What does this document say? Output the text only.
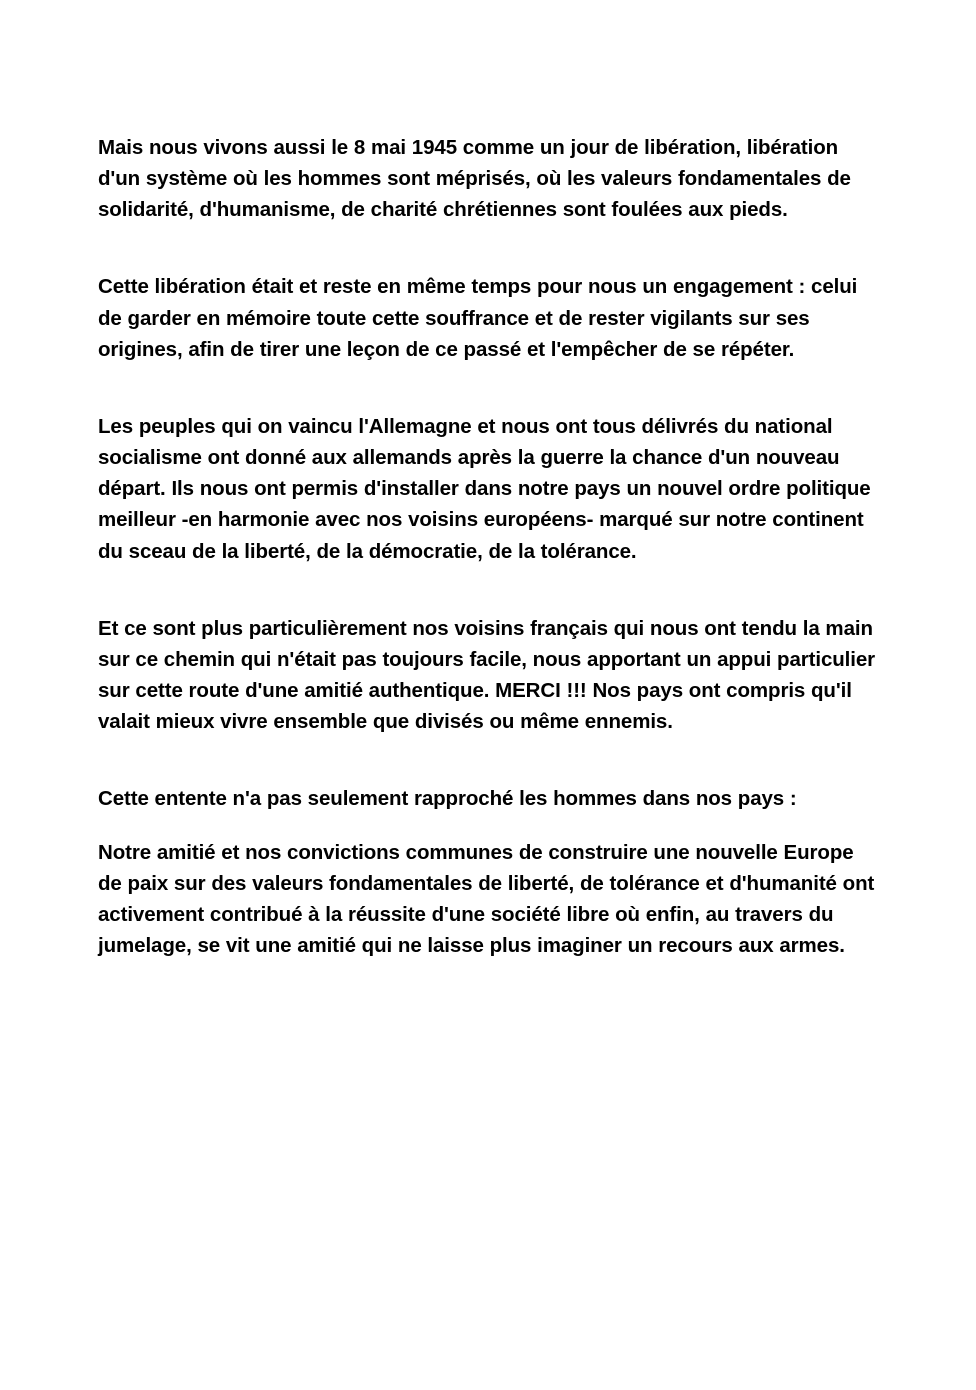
Mais nous vivons aussi le 8 mai 1945 comme un jour de libération, libération d'un système où les hommes sont méprisés, où les valeurs fondamentales de solidarité, d'humanisme, de charité chrétiennes sont foulées aux pieds.

Cette libération était et reste en même temps pour nous un engagement : celui de garder en mémoire toute cette souffrance et de rester vigilants sur ses origines, afin de tirer une leçon de ce passé et l'empêcher de se répéter.

Les peuples qui on vaincu l'Allemagne et nous ont tous délivrés du national socialisme ont donné aux allemands après la guerre la chance d'un nouveau départ. Ils nous ont permis d'installer dans notre pays un nouvel ordre politique meilleur -en harmonie avec nos voisins européens- marqué sur notre continent du sceau de la liberté, de la démocratie, de la tolérance.

Et ce sont plus particulièrement nos voisins français qui nous ont tendu la main sur ce chemin qui n'était pas toujours facile, nous apportant un appui particulier sur cette route d'une amitié authentique. MERCI !!! Nos pays ont compris qu'il valait mieux vivre ensemble que divisés ou même ennemis.

Cette entente n'a pas seulement rapproché les hommes dans nos pays :

Notre amitié et nos convictions communes de construire une nouvelle Europe de paix sur des valeurs fondamentales de liberté, de tolérance et d'humanité ont activement contribué à la réussite d'une société libre où enfin, au travers du jumelage, se vit une amitié qui ne laisse plus imaginer un recours aux armes.
